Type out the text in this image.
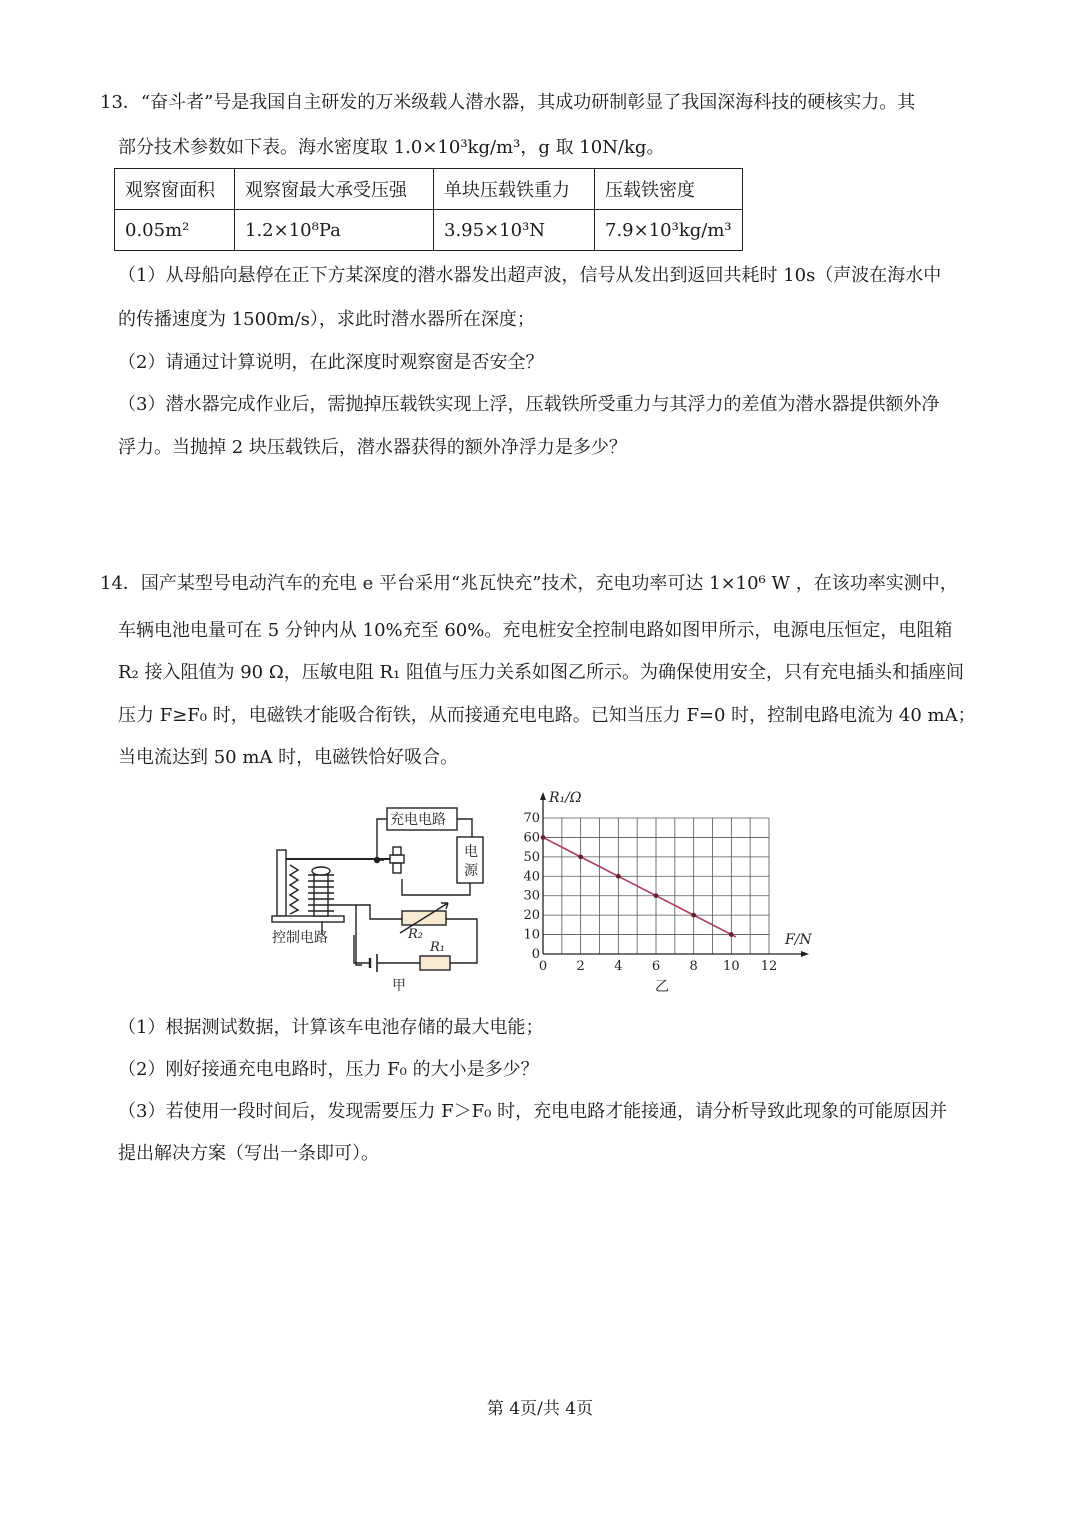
13．“奋斗者”号是我国自主研发的万米级载人潜水器，其成功研制彰显了我国深海科技的硬核实力。其
部分技术参数如下表。海水密度取 1.0×10³kg/m³，g 取 10N/kg。
观察窗面积	观察窗最大承受压强	单块压载铁重力	压载铁密度
0.05m²	1.2×10⁸Pa	3.95×10³N	7.9×10³kg/m³
（1）从母船向悬停在正下方某深度的潜水器发出超声波，信号从发出到返回共耗时 10s（声波在海水中
的传播速度为 1500m/s），求此时潜水器所在深度；
（2）请通过计算说明，在此深度时观察窗是否安全？
（3）潜水器完成作业后，需抛掉压载铁实现上浮，压载铁所受重力与其浮力的差值为潜水器提供额外净
浮力。当抛掉 2 块压载铁后，潜水器获得的额外净浮力是多少？
14．国产某型号电动汽车的充电 e 平台采用“兆瓦快充”技术，充电功率可达 1×10⁶ W ，在该功率实测中，
车辆电池电量可在 5 分钟内从 10%充至 60%。充电桩安全控制电路如图甲所示，电源电压恒定，电阻箱
R₂ 接入阻值为 90 Ω，压敏电阻 R₁ 阻值与压力关系如图乙所示。为确保使用安全，只有充电插头和插座间
压力 F≥F₀ 时，电磁铁才能吸合衔铁，从而接通充电电路。已知当压力 F=0 时，控制电路电流为 40 mA；
当电流达到 50 mA 时，电磁铁恰好吸合。
充电电路
电
源
控制电路	R₂
R₁
甲
0 2 4 6 8 10 12
0
10
20
30
40
50
60
70
R₁/Ω
F/N
乙
（1）根据测试数据，计算该车电池存储的最大电能；
（2）刚好接通充电电路时，压力 F₀ 的大小是多少？
（3）若使用一段时间后，发现需要压力 F＞F₀ 时，充电电路才能接通，请分析导致此现象的可能原因并
提出解决方案（写出一条即可）。
第 4页/共 4页
